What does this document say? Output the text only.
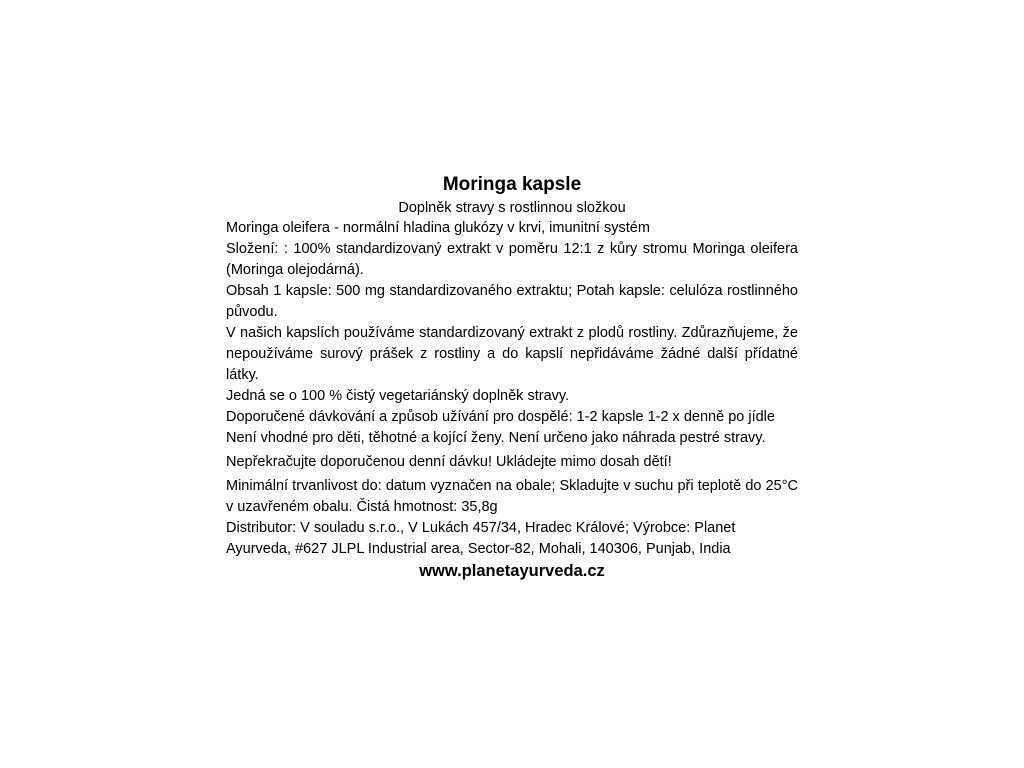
Moringa kapsle

Doplněk stravy s rostlinnou složkou

Moringa oleifera - normální hladina glukózy v krvi, imunitní systém

Složení: : 100% standardizovaný extrakt v poměru 12:1 z kůry stromu Moringa oleifera (Moringa olejodárná).

Obsah 1 kapsle: 500 mg standardizovaného extraktu; Potah kapsle: celulóza rostlinného původu.

V našich kapslích používáme standardizovaný extrakt z plodů rostliny. Zdůrazňujeme, že nepoužíváme surový prášek z rostliny a do kapslí nepřidáváme žádné další přídatné látky.

Jedná se o 100 % čistý vegetariánský doplněk stravy.

Doporučené dávkování a způsob užívání pro dospělé: 1-2 kapsle 1-2 x denně po jídle

Není vhodné pro děti, těhotné a kojící ženy. Není určeno jako náhrada pestré stravy.

Nepřekračujte doporučenou denní dávku! Ukládejte mimo dosah dětí!

Minimální trvanlivost do: datum vyznačen na obale; Skladujte v suchu při teplotě do 25°C v uzavřeném obalu. Čistá hmotnost: 35,8g

Distributor: V souladu s.r.o., V Lukách 457/34, Hradec Králové; Výrobce: Planet Ayurveda, #627 JLPL Industrial area, Sector-82, Mohali, 140306, Punjab, India

www.planetayurveda.cz
